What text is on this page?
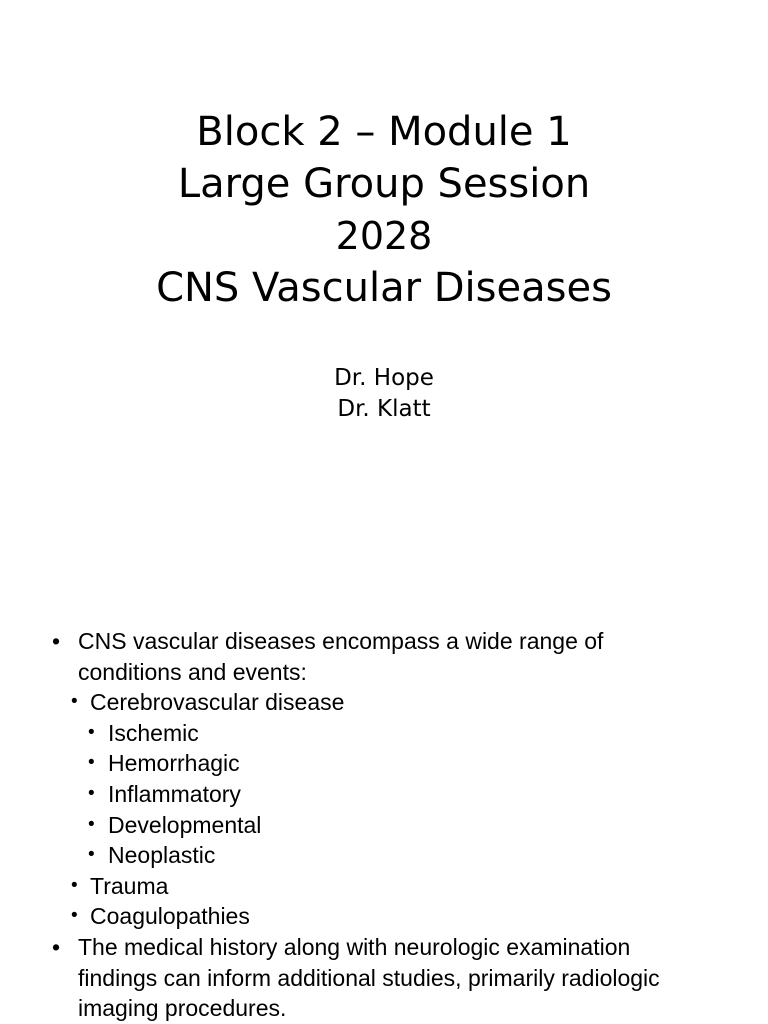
Block 2 – Module 1
Large Group Session
2028
CNS Vascular Diseases
Dr. Hope
Dr. Klatt
• CNS vascular diseases encompass a wide range of conditions and events:
• Cerebrovascular disease
• Ischemic
• Hemorrhagic
• Inflammatory
• Developmental
• Neoplastic
• Trauma
• Coagulopathies
• The medical history along with neurologic examination findings can inform additional studies, primarily radiologic imaging procedures.
